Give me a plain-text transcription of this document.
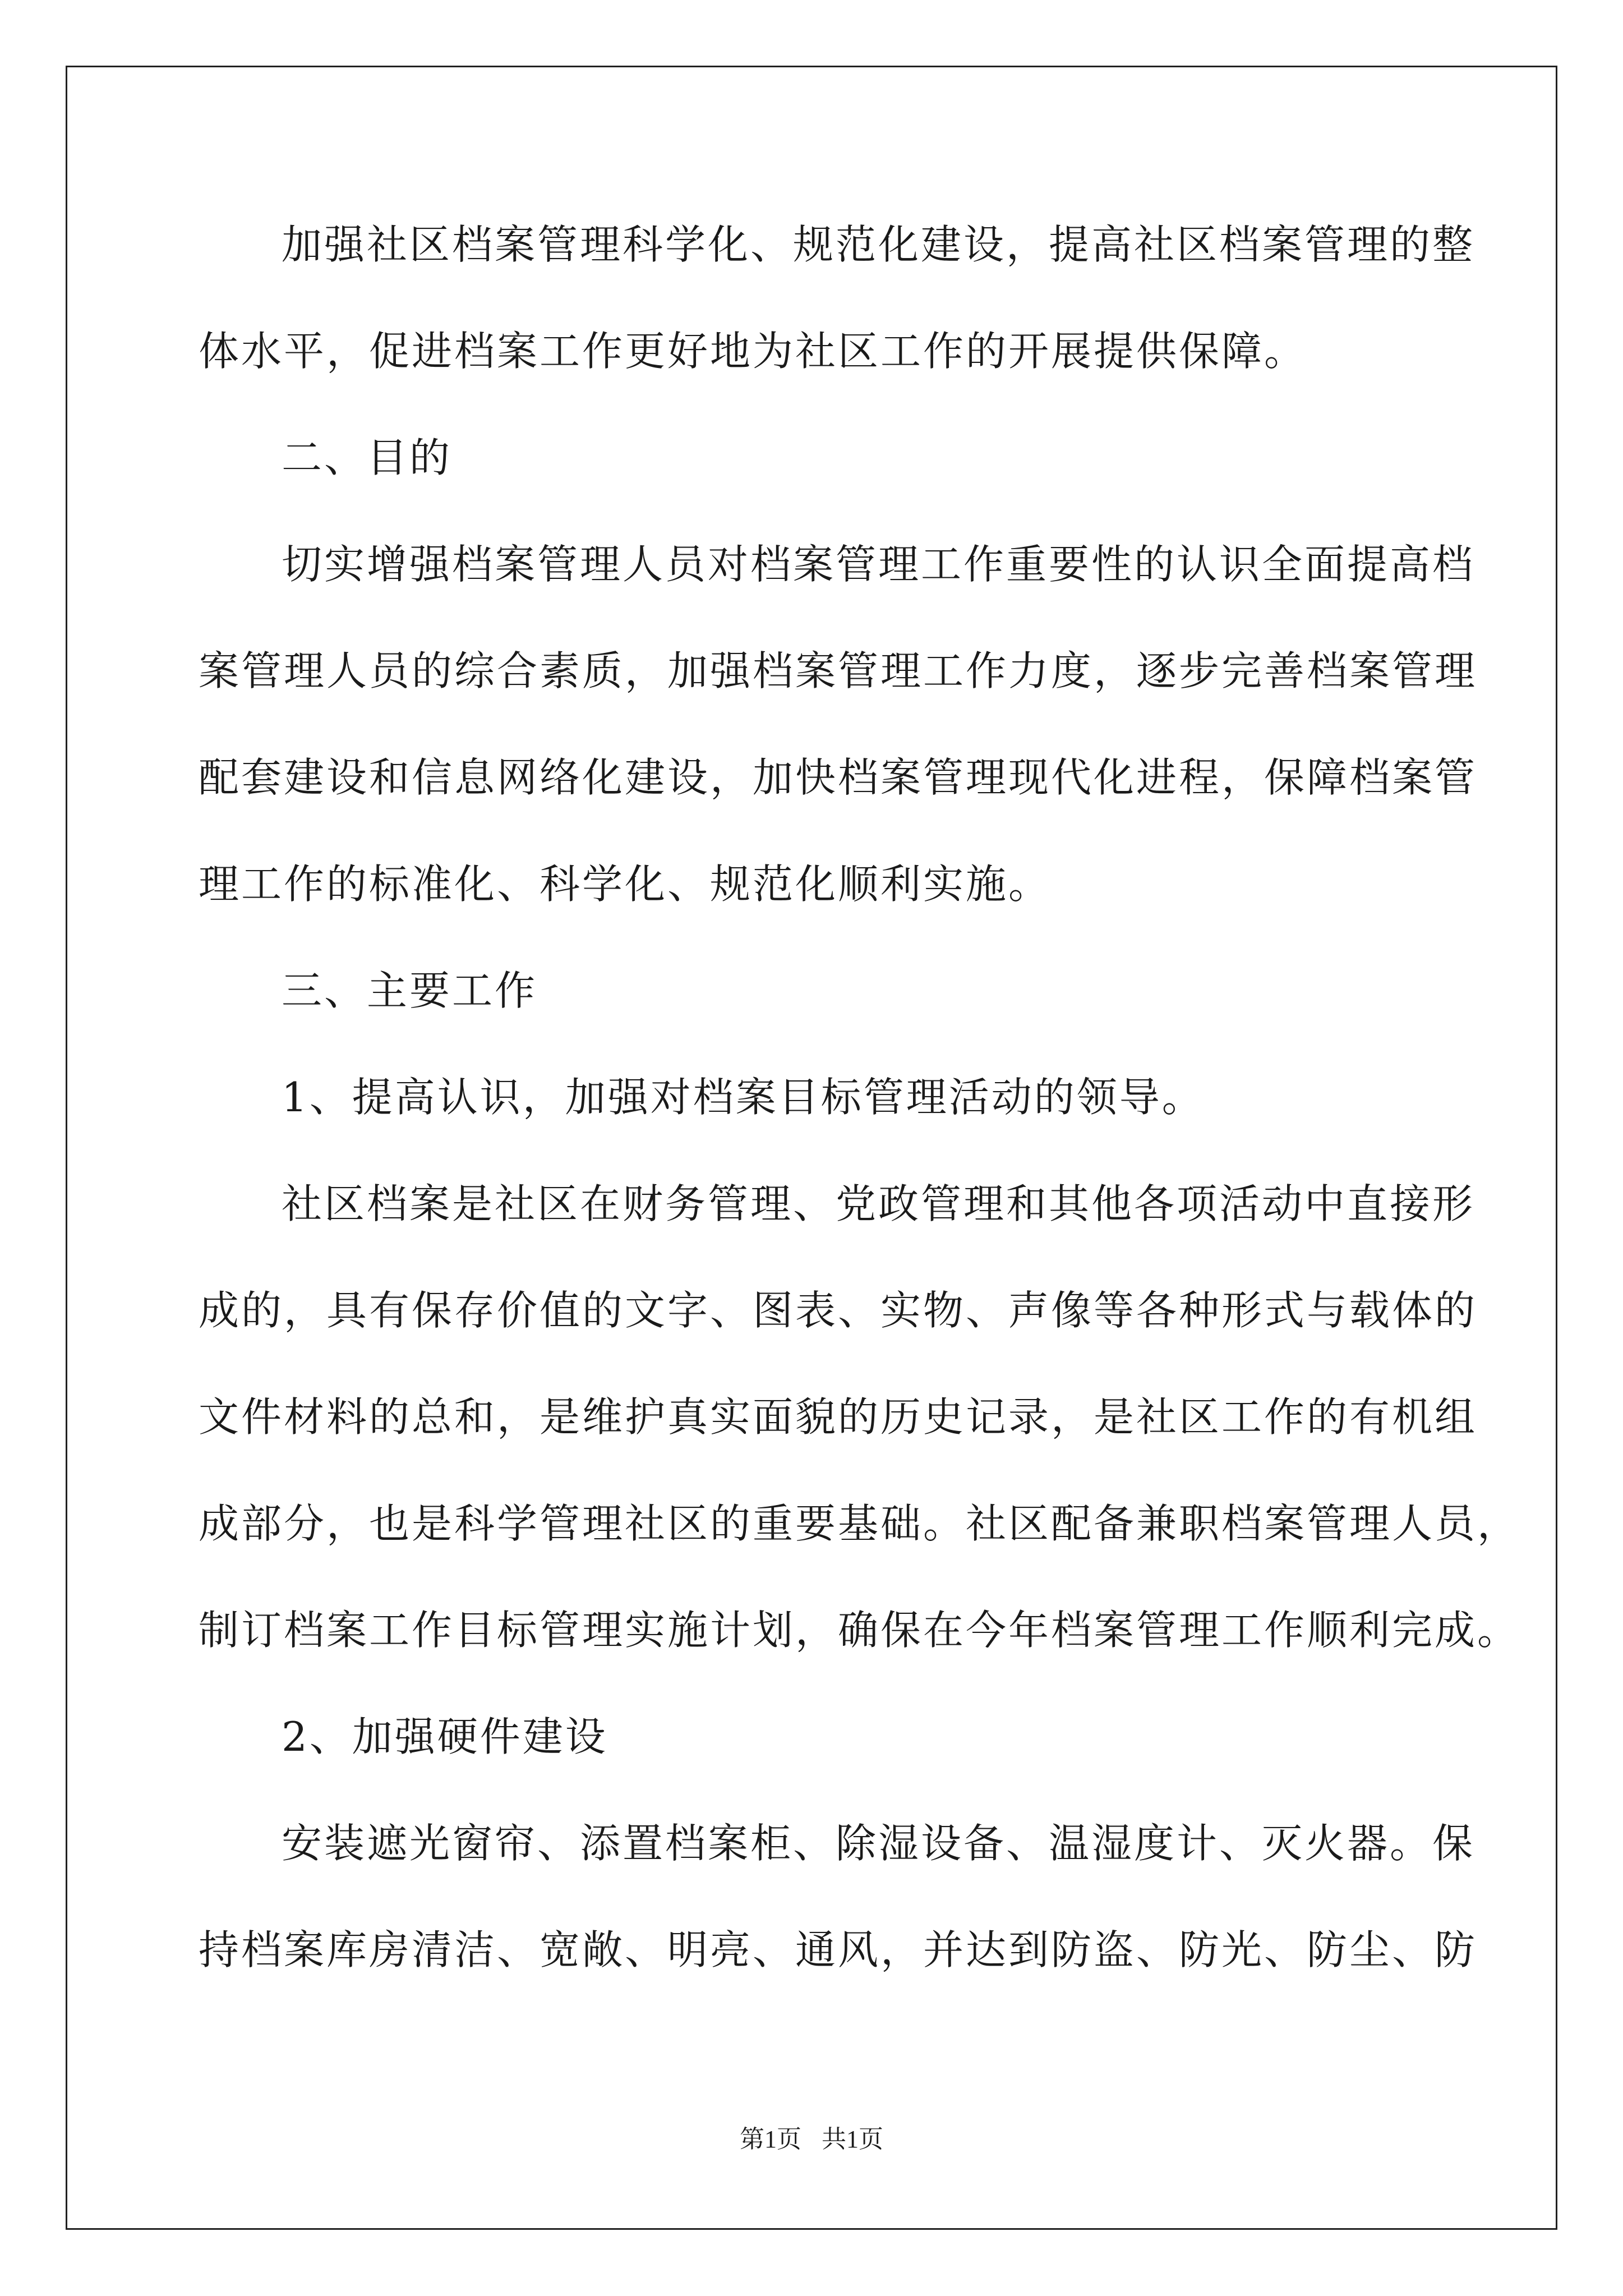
加强社区档案管理科学化、规范化建设，提高社区档案管理的整
体水平，促进档案工作更好地为社区工作的开展提供保障。
二、目的
切实增强档案管理人员对档案管理工作重要性的认识全面提高档
案管理人员的综合素质，加强档案管理工作力度，逐步完善档案管理
配套建设和信息网络化建设，加快档案管理现代化进程，保障档案管
理工作的标准化、科学化、规范化顺利实施。
三、主要工作
1、提高认识，加强对档案目标管理活动的领导。
社区档案是社区在财务管理、党政管理和其他各项活动中直接形
成的，具有保存价值的文字、图表、实物、声像等各种形式与载体的
文件材料的总和，是维护真实面貌的历史记录，是社区工作的有机组
成部分，也是科学管理社区的重要基础。社区配备兼职档案管理人员，
制订档案工作目标管理实施计划，确保在今年档案管理工作顺利完成。
2、加强硬件建设
安装遮光窗帘、添置档案柜、除湿设备、温湿度计、灭火器。保
持档案库房清洁、宽敞、明亮、通风，并达到防盗、防光、防尘、防
第1页 共1页
